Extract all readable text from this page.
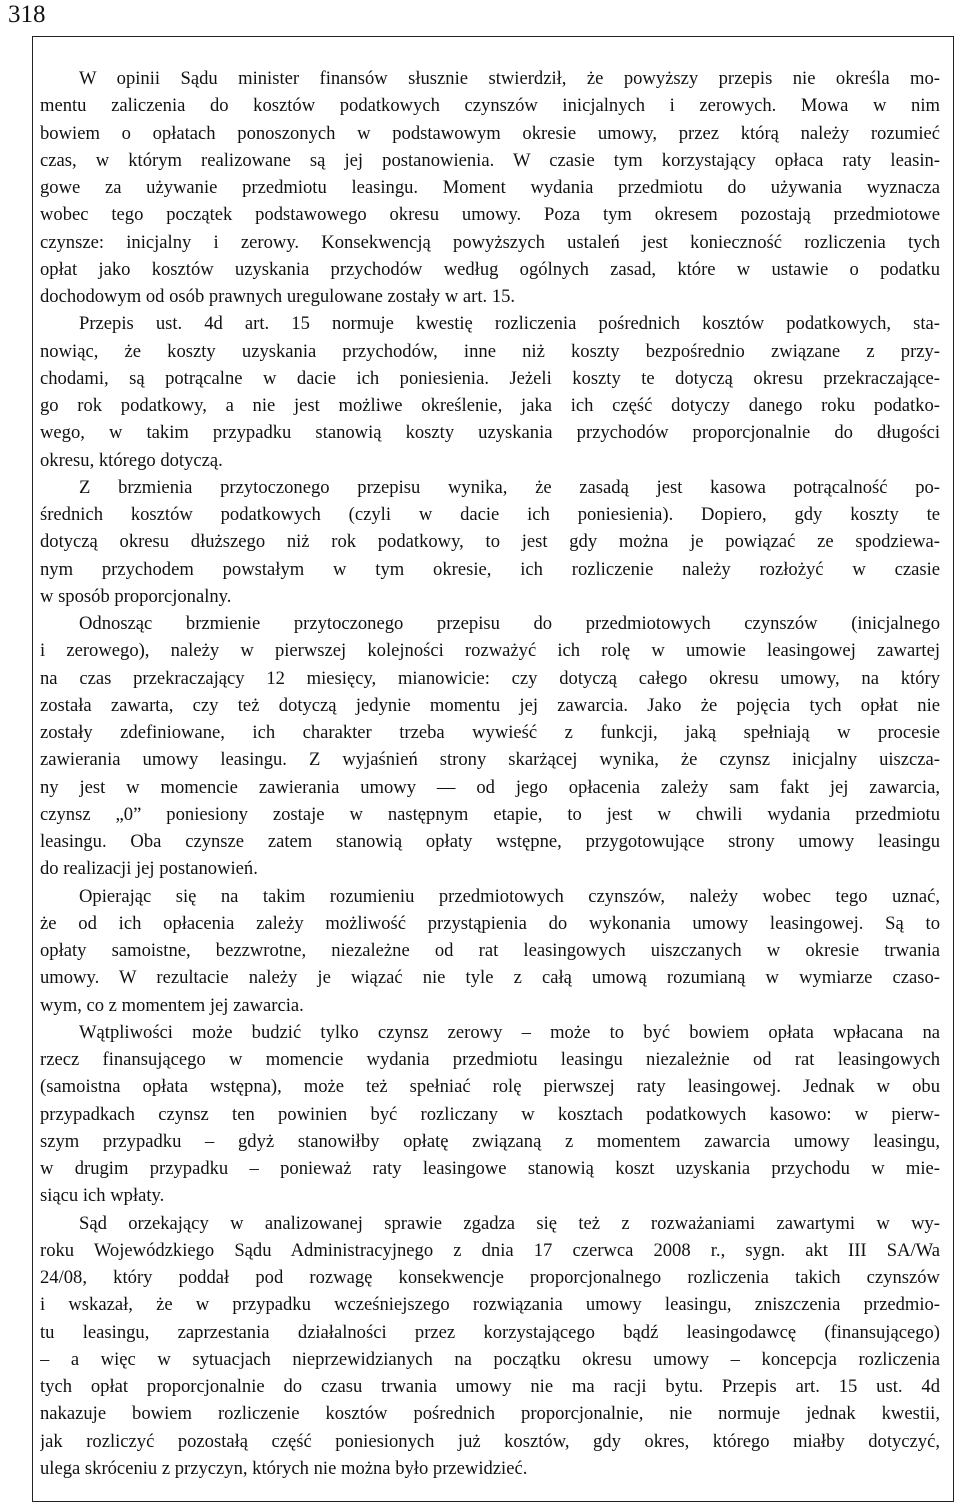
318
W opinii Sądu minister finansów słusznie stwierdził, że powyższy przepis nie określa mo-
mentu zaliczenia do kosztów podatkowych czynszów inicjalnych i zerowych. Mowa w nim
bowiem o opłatach ponoszonych w podstawowym okresie umowy, przez którą należy rozumieć
czas, w którym realizowane są jej postanowienia. W czasie tym korzystający opłaca raty leasin-
gowe za używanie przedmiotu leasingu. Moment wydania przedmiotu do używania wyznacza
wobec tego początek podstawowego okresu umowy. Poza tym okresem pozostają przedmiotowe
czynsze: inicjalny i zerowy. Konsekwencją powyższych ustaleń jest konieczność rozliczenia tych
opłat jako kosztów uzyskania przychodów według ogólnych zasad, które w ustawie o podatku
dochodowym od osób prawnych uregulowane zostały w art. 15.
Przepis ust. 4d art. 15 normuje kwestię rozliczenia pośrednich kosztów podatkowych, sta-
nowiąc, że koszty uzyskania przychodów, inne niż koszty bezpośrednio związane z przy-
chodami, są potrącalne w dacie ich poniesienia. Jeżeli koszty te dotyczą okresu przekraczające-
go rok podatkowy, a nie jest możliwe określenie, jaka ich część dotyczy danego roku podatko-
wego, w takim przypadku stanowią koszty uzyskania przychodów proporcjonalnie do długości
okresu, którego dotyczą.
Z brzmienia przytoczonego przepisu wynika, że zasadą jest kasowa potrącalność po-
średnich kosztów podatkowych (czyli w dacie ich poniesienia). Dopiero, gdy koszty te
dotyczą okresu dłuższego niż rok podatkowy, to jest gdy można je powiązać ze spodziewa-
nym przychodem powstałym w tym okresie, ich rozliczenie należy rozłożyć w czasie
w sposób proporcjonalny.
Odnosząc brzmienie przytoczonego przepisu do przedmiotowych czynszów (inicjalnego
i zerowego), należy w pierwszej kolejności rozważyć ich rolę w umowie leasingowej zawartej
na czas przekraczający 12 miesięcy, mianowicie: czy dotyczą całego okresu umowy, na który
została zawarta, czy też dotyczą jedynie momentu jej zawarcia. Jako że pojęcia tych opłat nie
zostały zdefiniowane, ich charakter trzeba wywieść z funkcji, jaką spełniają w procesie
zawierania umowy leasingu. Z wyjaśnień strony skarżącej wynika, że czynsz inicjalny uiszcza-
ny jest w momencie zawierania umowy — od jego opłacenia zależy sam fakt jej zawarcia,
czynsz „0” poniesiony zostaje w następnym etapie, to jest w chwili wydania przedmiotu
leasingu. Oba czynsze zatem stanowią opłaty wstępne, przygotowujące strony umowy leasingu
do realizacji jej postanowień.
Opierając się na takim rozumieniu przedmiotowych czynszów, należy wobec tego uznać,
że od ich opłacenia zależy możliwość przystąpienia do wykonania umowy leasingowej. Są to
opłaty samoistne, bezzwrotne, niezależne od rat leasingowych uiszczanych w okresie trwania
umowy. W rezultacie należy je wiązać nie tyle z całą umową rozumianą w wymiarze czaso-
wym, co z momentem jej zawarcia.
Wątpliwości może budzić tylko czynsz zerowy – może to być bowiem opłata wpłacana na
rzecz finansującego w momencie wydania przedmiotu leasingu niezależnie od rat leasingowych
(samoistna opłata wstępna), może też spełniać rolę pierwszej raty leasingowej. Jednak w obu
przypadkach czynsz ten powinien być rozliczany w kosztach podatkowych kasowo: w pierw-
szym przypadku – gdyż stanowiłby opłatę związaną z momentem zawarcia umowy leasingu,
w drugim przypadku – ponieważ raty leasingowe stanowią koszt uzyskania przychodu w mie-
siącu ich wpłaty.
Sąd orzekający w analizowanej sprawie zgadza się też z rozważaniami zawartymi w wy-
roku Wojewódzkiego Sądu Administracyjnego z dnia 17 czerwca 2008 r., sygn. akt III SA/Wa
24/08, który poddał pod rozwagę konsekwencje proporcjonalnego rozliczenia takich czynszów
i wskazał, że w przypadku wcześniejszego rozwiązania umowy leasingu, zniszczenia przedmio-
tu leasingu, zaprzestania działalności przez korzystającego bądź leasingodawcę (finansującego)
– a więc w sytuacjach nieprzewidzianych na początku okresu umowy – koncepcja rozliczenia
tych opłat proporcjonalnie do czasu trwania umowy nie ma racji bytu. Przepis art. 15 ust. 4d
nakazuje bowiem rozliczenie kosztów pośrednich proporcjonalnie, nie normuje jednak kwestii,
jak rozliczyć pozostałą część poniesionych już kosztów, gdy okres, którego miałby dotyczyć,
ulega skróceniu z przyczyn, których nie można było przewidzieć.
